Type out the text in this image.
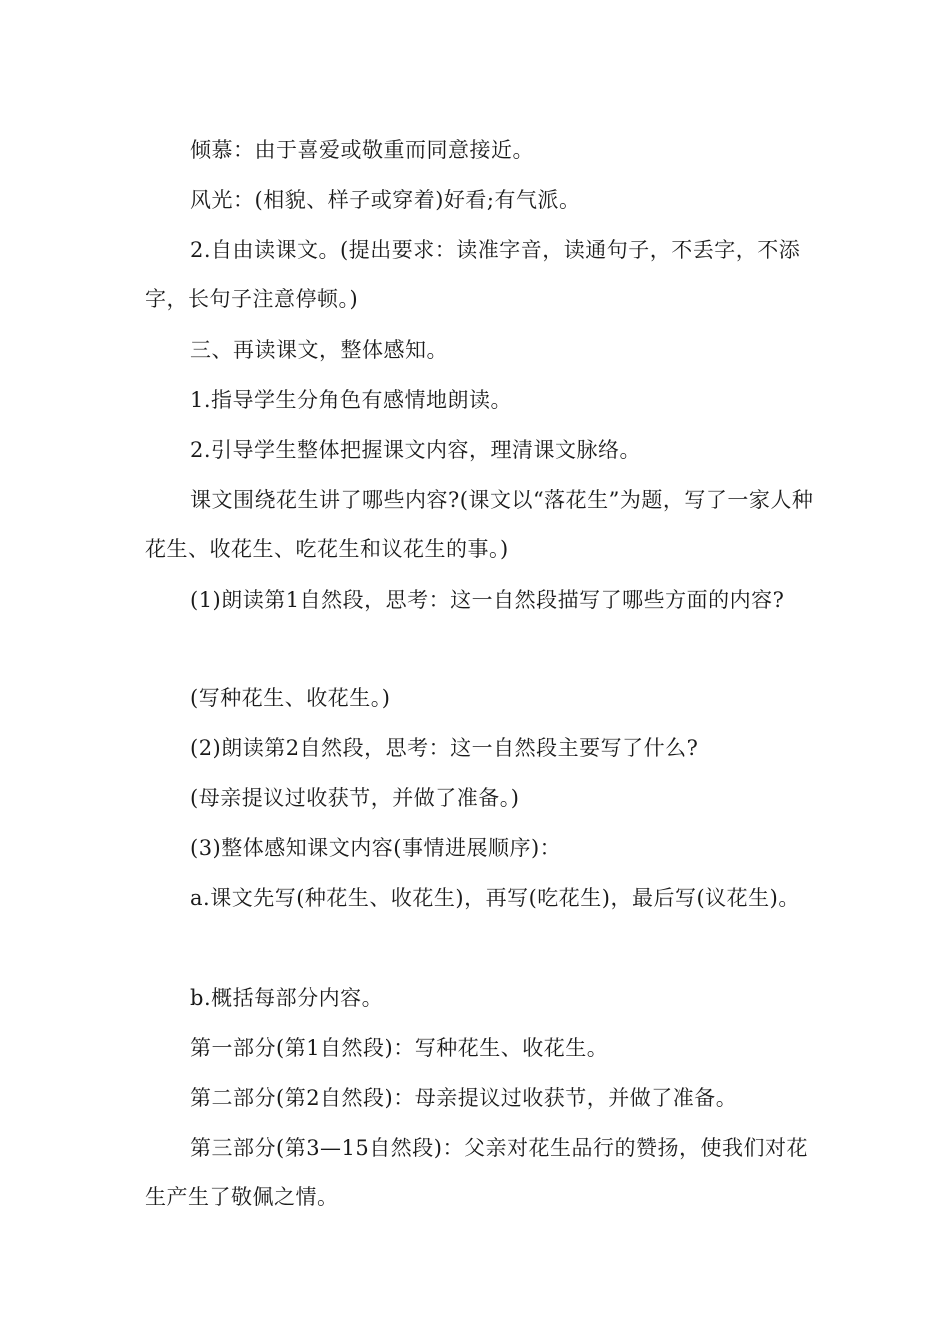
倾慕：由于喜爱或敬重而同意接近。

风光：(相貌、样子或穿着)好看;有气派。

2.自由读课文。(提出要求：读准字音，读通句子，不丢字，不添字，长句子注意停顿。)

三、再读课文，整体感知。

1.指导学生分角色有感情地朗读。

2.引导学生整体把握课文内容，理清课文脉络。

课文围绕花生讲了哪些内容?(课文以“落花生”为题，写了一家人种花生、收花生、吃花生和议花生的事。)

(1)朗读第1自然段，思考：这一自然段描写了哪些方面的内容?

(写种花生、收花生。)

(2)朗读第2自然段，思考：这一自然段主要写了什么?

(母亲提议过收获节，并做了准备。)

(3)整体感知课文内容(事情进展顺序)：

a.课文先写(种花生、收花生)，再写(吃花生)，最后写(议花生)。

b.概括每部分内容。

第一部分(第1自然段)：写种花生、收花生。

第二部分(第2自然段)：母亲提议过收获节，并做了准备。

第三部分(第3—15自然段)：父亲对花生品行的赞扬，使我们对花生产生了敬佩之情。
